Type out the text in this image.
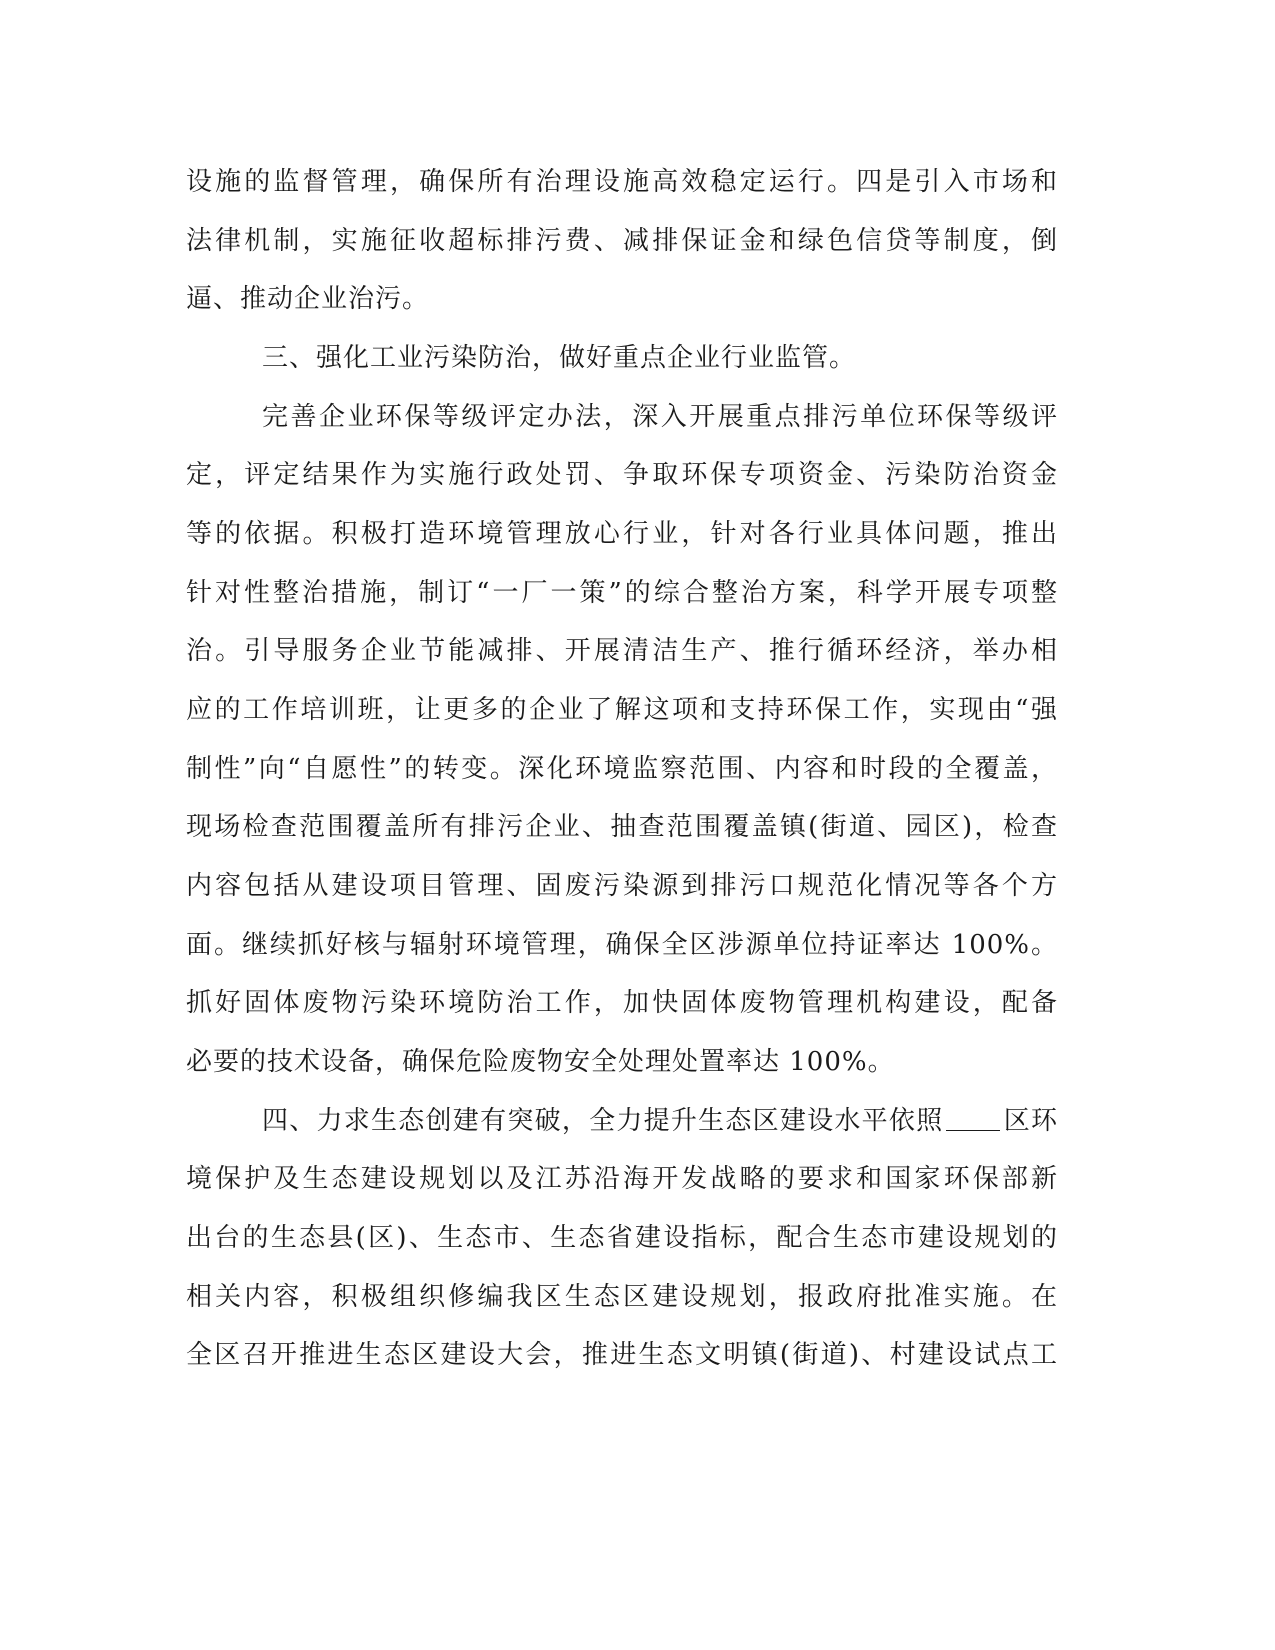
设施的监督管理，确保所有治理设施高效稳定运行。四是引入市场和
法律机制，实施征收超标排污费、减排保证金和绿色信贷等制度，倒
逼、推动企业治污。
三、强化工业污染防治，做好重点企业行业监管。
完善企业环保等级评定办法，深入开展重点排污单位环保等级评
定，评定结果作为实施行政处罚、争取环保专项资金、污染防治资金
等的依据。积极打造环境管理放心行业，针对各行业具体问题，推出
针对性整治措施，制订“一厂一策”的综合整治方案，科学开展专项整
治。引导服务企业节能减排、开展清洁生产、推行循环经济，举办相
应的工作培训班，让更多的企业了解这项和支持环保工作，实现由“强
制性”向“自愿性”的转变。深化环境监察范围、内容和时段的全覆盖，
现场检查范围覆盖所有排污企业、抽查范围覆盖镇(街道、园区)，检查
内容包括从建设项目管理、固废污染源到排污口规范化情况等各个方
面。继续抓好核与辐射环境管理，确保全区涉源单位持证率达 100%。
抓好固体废物污染环境防治工作，加快固体废物管理机构建设，配备
必要的技术设备，确保危险废物安全处理处置率达 100%。
四、力求生态创建有突破，全力提升生态区建设水平依照 区环
境保护及生态建设规划以及江苏沿海开发战略的要求和国家环保部新
出台的生态县(区)、生态市、生态省建设指标，配合生态市建设规划的
相关内容，积极组织修编我区生态区建设规划，报政府批准实施。在
全区召开推进生态区建设大会，推进生态文明镇(街道)、村建设试点工
